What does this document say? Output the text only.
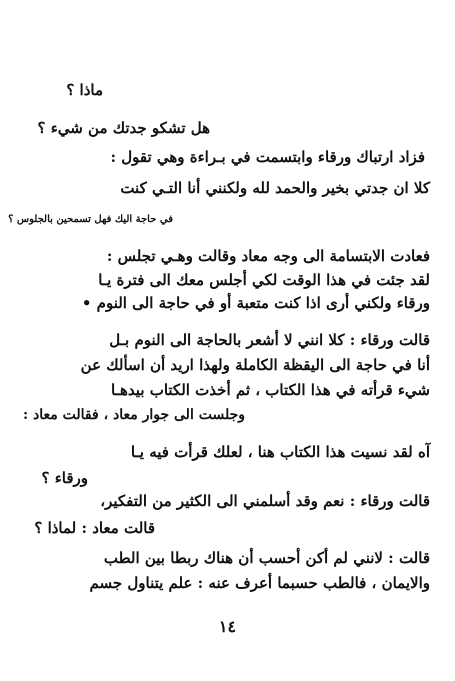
ماذا ؟
هل تشكو جدتك من شيء ؟
فزاد ارتباك ورقاء وابتسمت في بـراءة وهي تقول :
كلا ان جدتي بخير والحمد لله ولكنني أنا التـي كنت
في حاجة اليك فهل تسمحين بالجلوس ؟
فعادت الابتسامة الى وجه معاد وقالت وهـي تجلس :
لقد جئت في هذا الوقت لكي أجلس معك الى فترة يـا
ورقاء ولكني أرى اذا كنت متعبة أو في حاجة الى النوم •
قالت ورقاء : كلا انني لا أشعر بالحاجة الى النوم بـل
أنا في حاجة الى اليقظة الكاملة ولهذا اريد أن اسألك عن
شيء قرأته في هذا الكتاب ، ثم أخذت الكتاب بيدهـا
وجلست الى جوار معاد ، فقالت معاد :
آه لقد نسيت هذا الكتاب هنا ، لعلك قرأت فيه يـا
ورقاء ؟
قالت ورقاء : نعم وقد أسلمني الى الكثير من التفكير،
قالت معاد : لماذا ؟
قالت : لانني لم أكن أحسب أن هناك ربطا بين الطب
والايمان ، فالطب حسبما أعرف عنه : علم يتناول جسم
١٤
